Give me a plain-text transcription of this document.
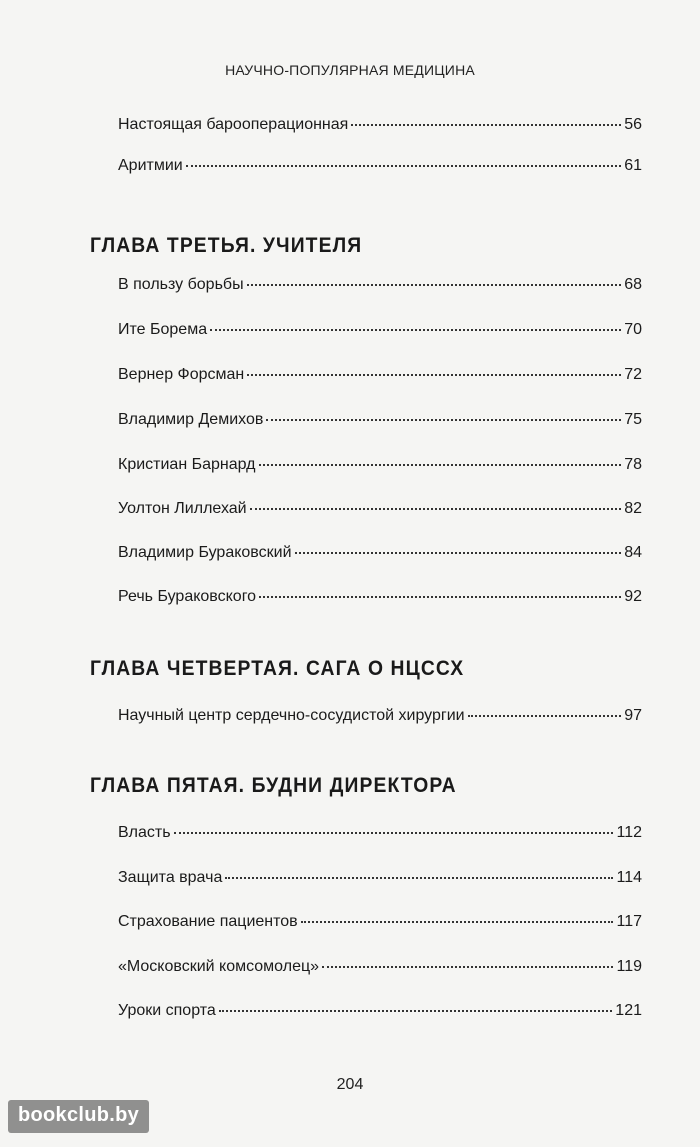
НАУЧНО-ПОПУЛЯРНАЯ МЕДИЦИНА
Настоящая барооперационная	56
Аритмии	61
ГЛАВА ТРЕТЬЯ. УЧИТЕЛЯ
В пользу борьбы	68
Ите Борема	70
Вернер Форсман	72
Владимир Демихов	75
Кристиан Барнард	78
Уолтон Лиллехай	82
Владимир Бураковский	84
Речь Бураковского	92
ГЛАВА ЧЕТВЕРТАЯ. САГА О НЦССХ
Научный центр сердечно-сосудистой хирургии	97
ГЛАВА ПЯТАЯ. БУДНИ ДИРЕКТОРА
Власть	112
Защита врача	114
Страхование пациентов	117
«Московский комсомолец»	119
Уроки спорта	121
204
bookclub.by
